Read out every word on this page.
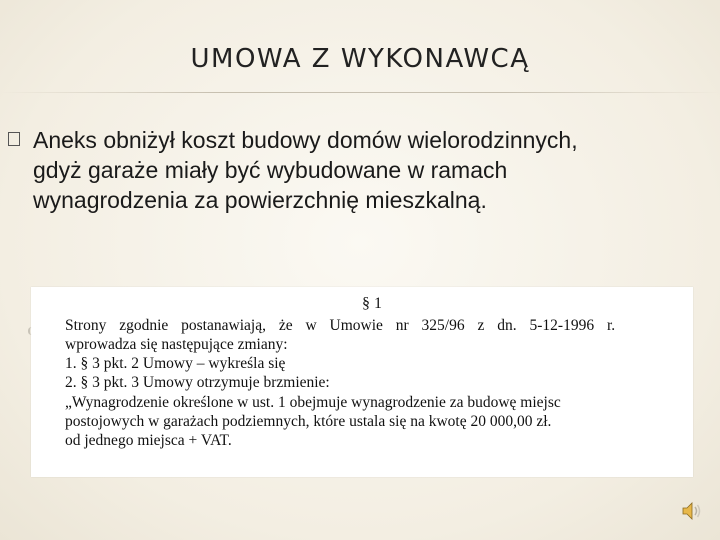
UMOWA Z WYKONAWCĄ
Aneks obniżył koszt budowy domów wielorodzinnych,
gdyż garaże miały być wybudowane w ramach
wynagrodzenia za powierzchnię mieszkalną.
§ 1
Strony zgodnie postanawiają, że w Umowie nr 325/96 z dn. 5-12-1996 r.
wprowadza się następujące zmiany:
1. § 3 pkt. 2 Umowy – wykreśla się
2. § 3 pkt. 3 Umowy otrzymuje brzmienie:
„Wynagrodzenie określone w ust. 1 obejmuje wynagrodzenie za budowę miejsc
postojowych w garażach podziemnych, które ustala się na kwotę 20 000,00 zł.
od jednego miejsca + VAT.
